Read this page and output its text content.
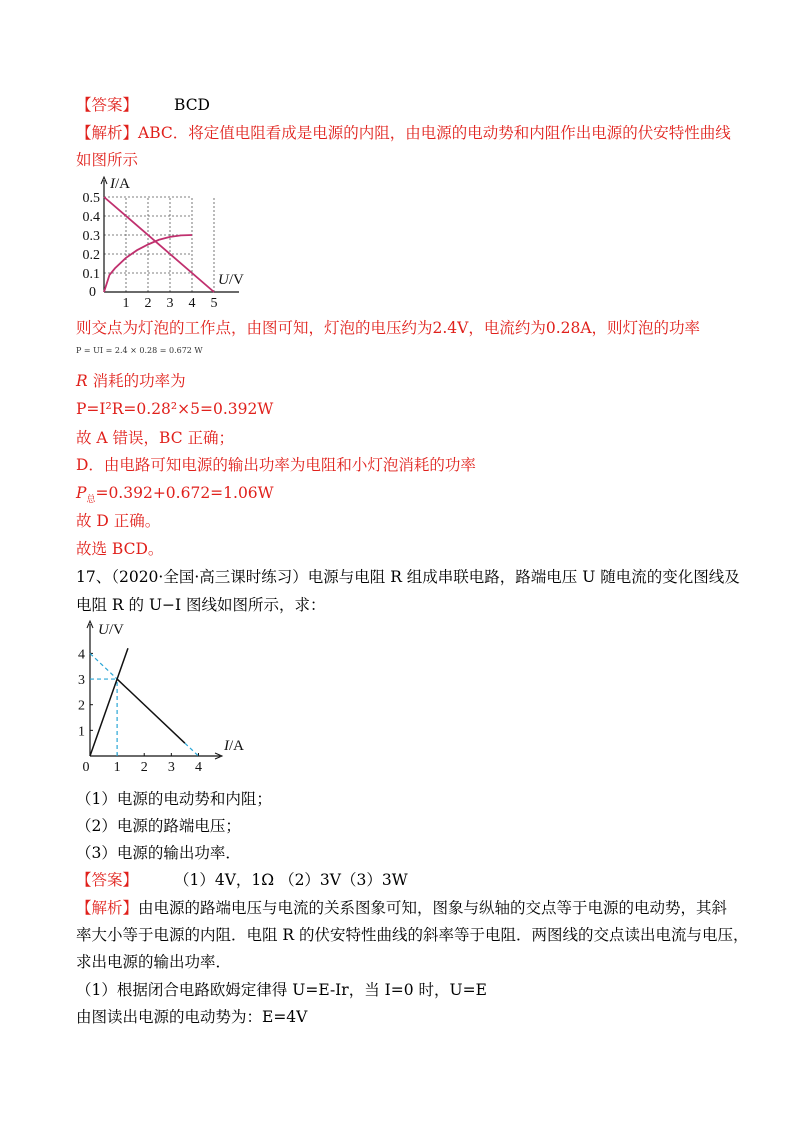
【答案】 BCD
【解析】ABC．将定值电阻看成是电源的内阻，由电源的电动势和内阻作出电源的伏安特性曲线
如图所示
1 2 3 4 5
0.1
0.2
0.3
0.4
0.5
0
I/A
U/V
则交点为灯泡的工作点，由图可知，灯泡的电压约为2.4V，电流约为0.28A，则灯泡的功率
P = UI = 2.4 × 0.28 = 0.672 W
R 消耗的功率为
P=I²R=0.28²×5=0.392W
故 A 错误，BC 正确；
D．由电路可知电源的输出功率为电阻和小灯泡消耗的功率
$P_总=0.392+0.672=1.06W$
故 D 正确。
故选 BCD。
17、（2020·全国·高三课时练习）电源与电阻 R 组成串联电路，路端电压 U 随电流的变化图线及
电阻 R 的 U−I 图线如图所示，求：
1 2 3 4
1
2
3
4
0
U/V
I/A
（1）电源的电动势和内阻；
（2）电源的路端电压；
（3）电源的输出功率．
【答案】 （1）4V，1Ω （2）3V（3）3W
【解析】由电源的路端电压与电流的关系图象可知，图象与纵轴的交点等于电源的电动势，其斜
率大小等于电源的内阻．电阻 R 的伏安特性曲线的斜率等于电阻．两图线的交点读出电流与电压，
求出电源的输出功率．
（1）根据闭合电路欧姆定律得 U=E-Ir，当 I=0 时，U=E
由图读出电源的电动势为：E=4V
